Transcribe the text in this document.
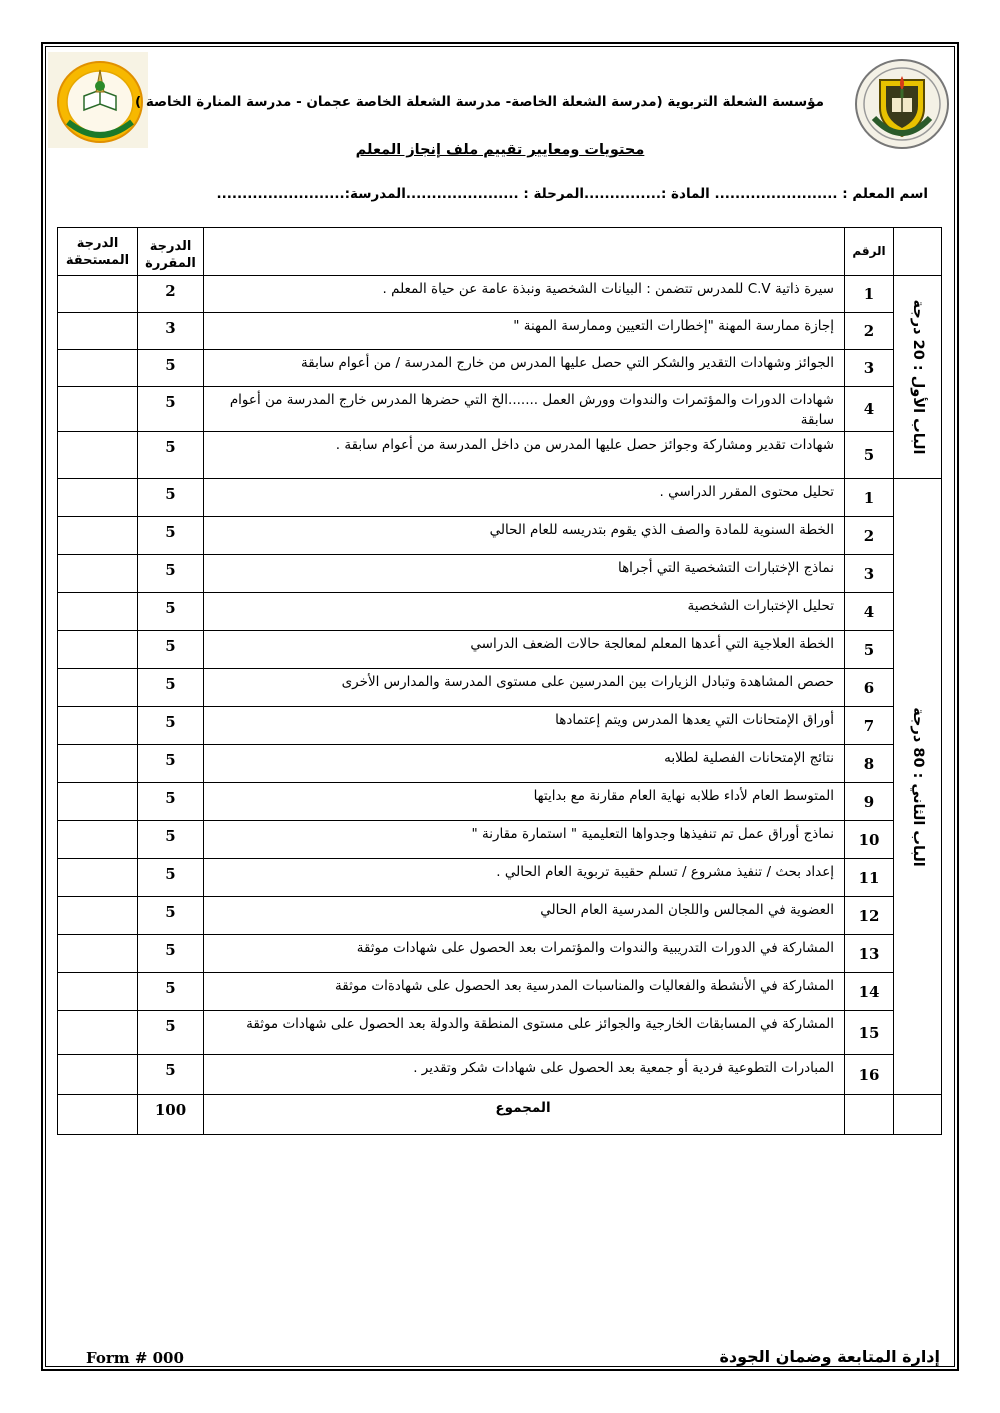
مؤسسة الشعلة التربوية (مدرسة الشعلة الخاصة- مدرسة الشعلة الخاصة عجمان - مدرسة المنارة الخاصة )
محتويات ومعايير تقييم ملف إنجاز المعلم
اسم المعلم : ........................ المادة :...............المرحلة : ......................المدرسة:.........................
	الرقم		الدرجة المقررة	الدرجة المستحقة

الباب الأول : 20 درجة	1	سيرة ذاتية C.V للمدرس تتضمن : البيانات الشخصية ونبذة عامة عن حياة المعلم .	2	
	2	إجازة ممارسة المهنة "إخطارات التعيين وممارسة المهنة "	3	
	3	الجوائز وشهادات التقدير والشكر التي حصل عليها المدرس من خارج المدرسة / من أعوام سابقة	5	
	4	شهادات الدورات والمؤتمرات والندوات وورش العمل .......الخ التي حضرها المدرس خارج المدرسة من أعوام سابقة	5	
	5	شهادات تقدير ومشاركة وجوائز حصل عليها المدرس من داخل المدرسة من أعوام سابقة .	5	

الباب الثاني : 80 درجة	1	تحليل محتوى المقرر الدراسي .	5	
	2	الخطة السنوية للمادة والصف الذي يقوم بتدريسه للعام الحالي	5	
	3	نماذج الإختبارات التشخصية التي أجراها	5	
	4	تحليل الإختبارات الشخصية	5	
	5	الخطة العلاجية التي أعدها المعلم لمعالجة حالات الضعف الدراسي	5	
	6	حصص المشاهدة وتبادل الزيارات بين المدرسين على مستوى المدرسة والمدارس الأخرى	5	
	7	أوراق الإمتحانات التي يعدها المدرس ويتم إعتمادها	5	
	8	نتائج الإمتحانات الفصلية لطلابه	5	
	9	المتوسط العام لأداء طلابه نهاية العام مقارنة مع بدايتها	5	
	10	نماذج أوراق عمل تم تنفيذها وجدواها التعليمية " استمارة مقارنة "	5	
	11	إعداد بحث / تنفيذ مشروع / تسلم حقيبة تربوية العام الحالي .	5	
	12	العضوية في المجالس واللجان المدرسية العام الحالي	5	
	13	المشاركة في الدورات التدريبية والندوات والمؤتمرات بعد الحصول على شهادات موثقة	5	
	14	المشاركة في الأنشطة والفعاليات والمناسبات المدرسية بعد الحصول على شهادةات موثقة	5	
	15	المشاركة في المسابقات الخارجية والجوائز على مستوى المنطقة والدولة بعد الحصول على شهادات موثقة	5	
	16	المبادرات التطوعية فردية أو جمعية بعد الحصول على شهادات شكر وتقدير .	5	
		المجموع	100	
Form # 000	إدارة المتابعة وضمان الجودة
